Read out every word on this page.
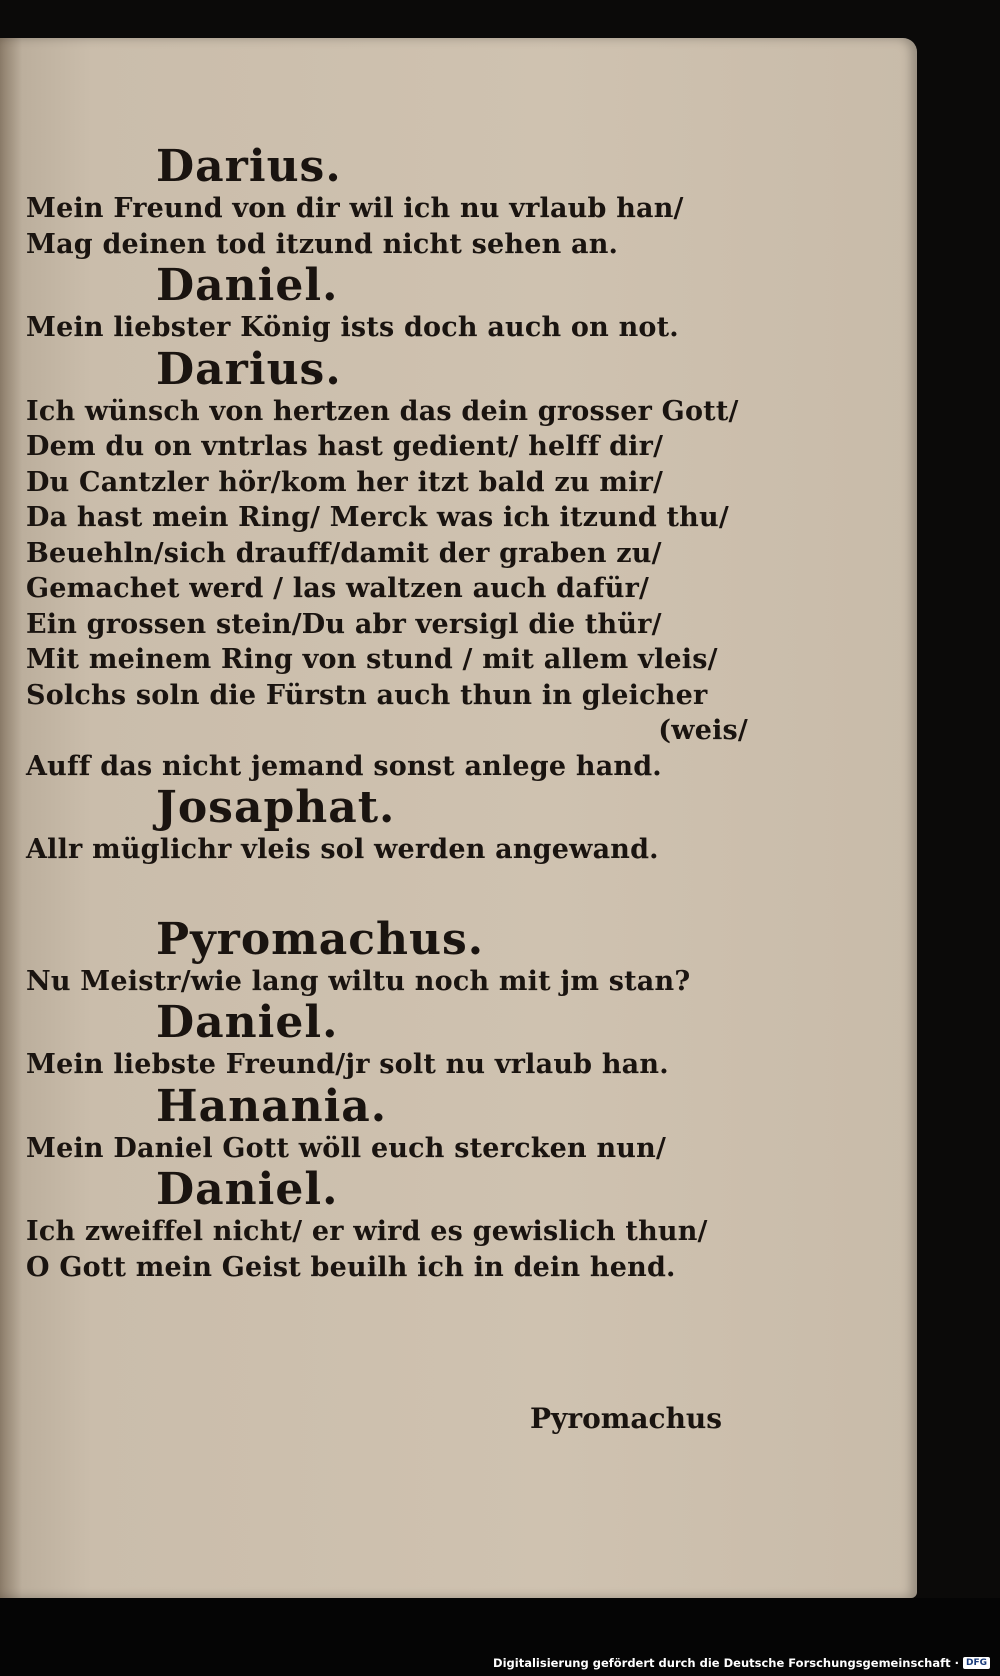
Darius.
Mein Freund von dir wil ich nu vrlaub han/
Mag deinen tod itzund nicht sehen an.
Daniel.
Mein liebster König ists doch auch on not.
Darius.
Ich wünsch von hertzen das dein grosser Gott/
Dem du on vntrlas hast gedient/ helff dir/
Du Cantzler hör/kom her itzt bald zu mir/
Da hast mein Ring/ Merck was ich itzund thu/
Beuehln/sich drauff/damit der graben zu/
Gemachet werd / las waltzen auch dafür/
Ein grossen stein/Du abr versigl die thür/
Mit meinem Ring von stund / mit allem vleis/
Solchs soln die Fürstn auch thun in gleicher
(weis/
Auff das nicht jemand sonst anlege hand.
Josaphat.
Allr müglichr vleis sol werden angewand.
Pyromachus.
Nu Meistr/wie lang wiltu noch mit jm stan?
Daniel.
Mein liebste Freund/jr solt nu vrlaub han.
Hanania.
Mein Daniel Gott wöll euch stercken nun/
Daniel.
Ich zweiffel nicht/ er wird es gewislich thun/
O Gott mein Geist beuilh ich in dein hend.
Pyromachus
Digitalisierung gefördert durch die Deutsche Forschungsgemeinschaft · DFG
